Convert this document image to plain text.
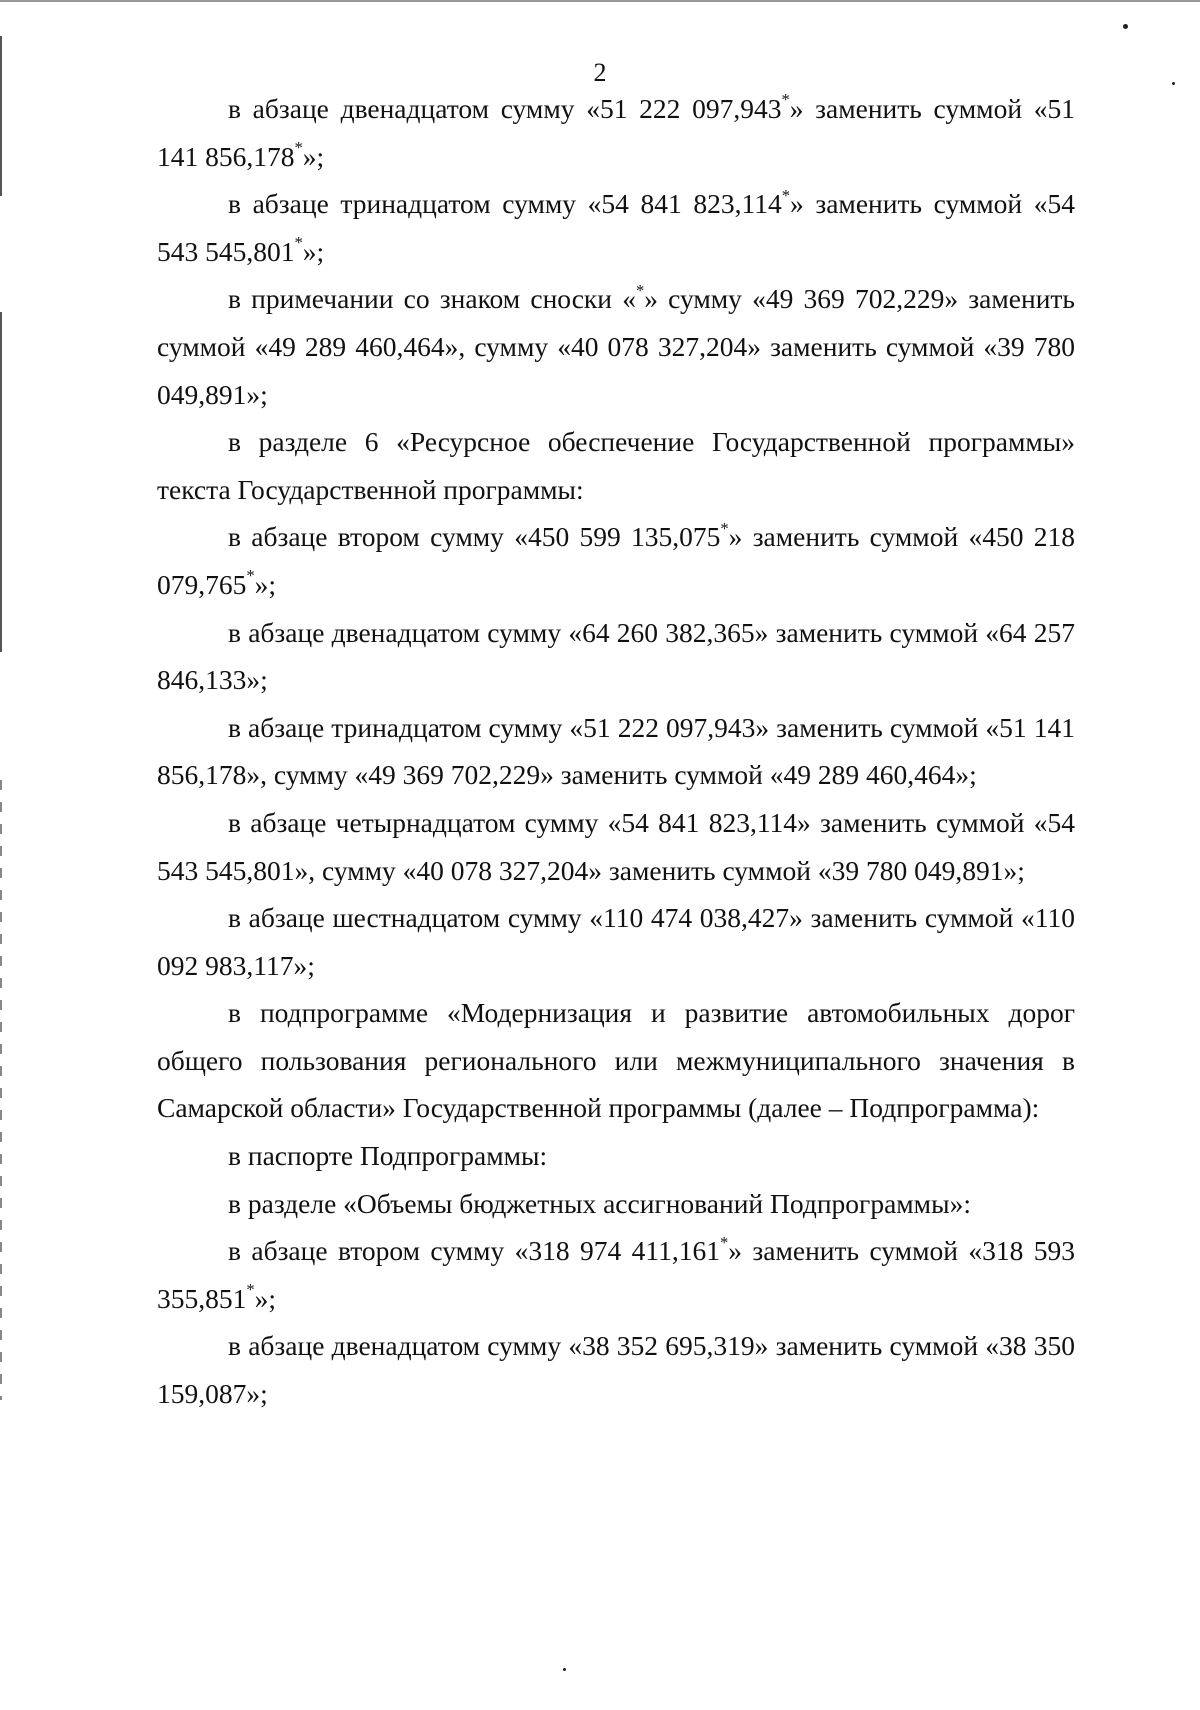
2

в абзаце двенадцатом сумму «51 222 097,943*» заменить суммой «51 141 856,178*»;

в абзаце тринадцатом сумму «54 841 823,114*» заменить суммой «54 543 545,801*»;

в примечании со знаком сноски «*» сумму «49 369 702,229» заменить суммой «49 289 460,464», сумму «40 078 327,204» заменить суммой «39 780 049,891»;

в разделе 6 «Ресурсное обеспечение Государственной программы» текста Государственной программы:

в абзаце втором сумму «450 599 135,075*» заменить суммой «450 218 079,765*»;

в абзаце двенадцатом сумму «64 260 382,365» заменить суммой «64 257 846,133»;

в абзаце тринадцатом сумму «51 222 097,943» заменить суммой «51 141 856,178», сумму «49 369 702,229» заменить суммой «49 289 460,464»;

в абзаце четырнадцатом сумму «54 841 823,114» заменить суммой «54 543 545,801», сумму «40 078 327,204» заменить суммой «39 780 049,891»;

в абзаце шестнадцатом сумму «110 474 038,427» заменить суммой «110 092 983,117»;

в подпрограмме «Модернизация и развитие автомобильных дорог общего пользования регионального или межмуниципального значения в Самарской области» Государственной программы (далее – Подпрограмма):

в паспорте Подпрограммы:

в разделе «Объемы бюджетных ассигнований Подпрограммы»:

в абзаце втором сумму «318 974 411,161*» заменить суммой «318 593 355,851*»;

в абзаце двенадцатом сумму «38 352 695,319» заменить суммой «38 350 159,087»;
